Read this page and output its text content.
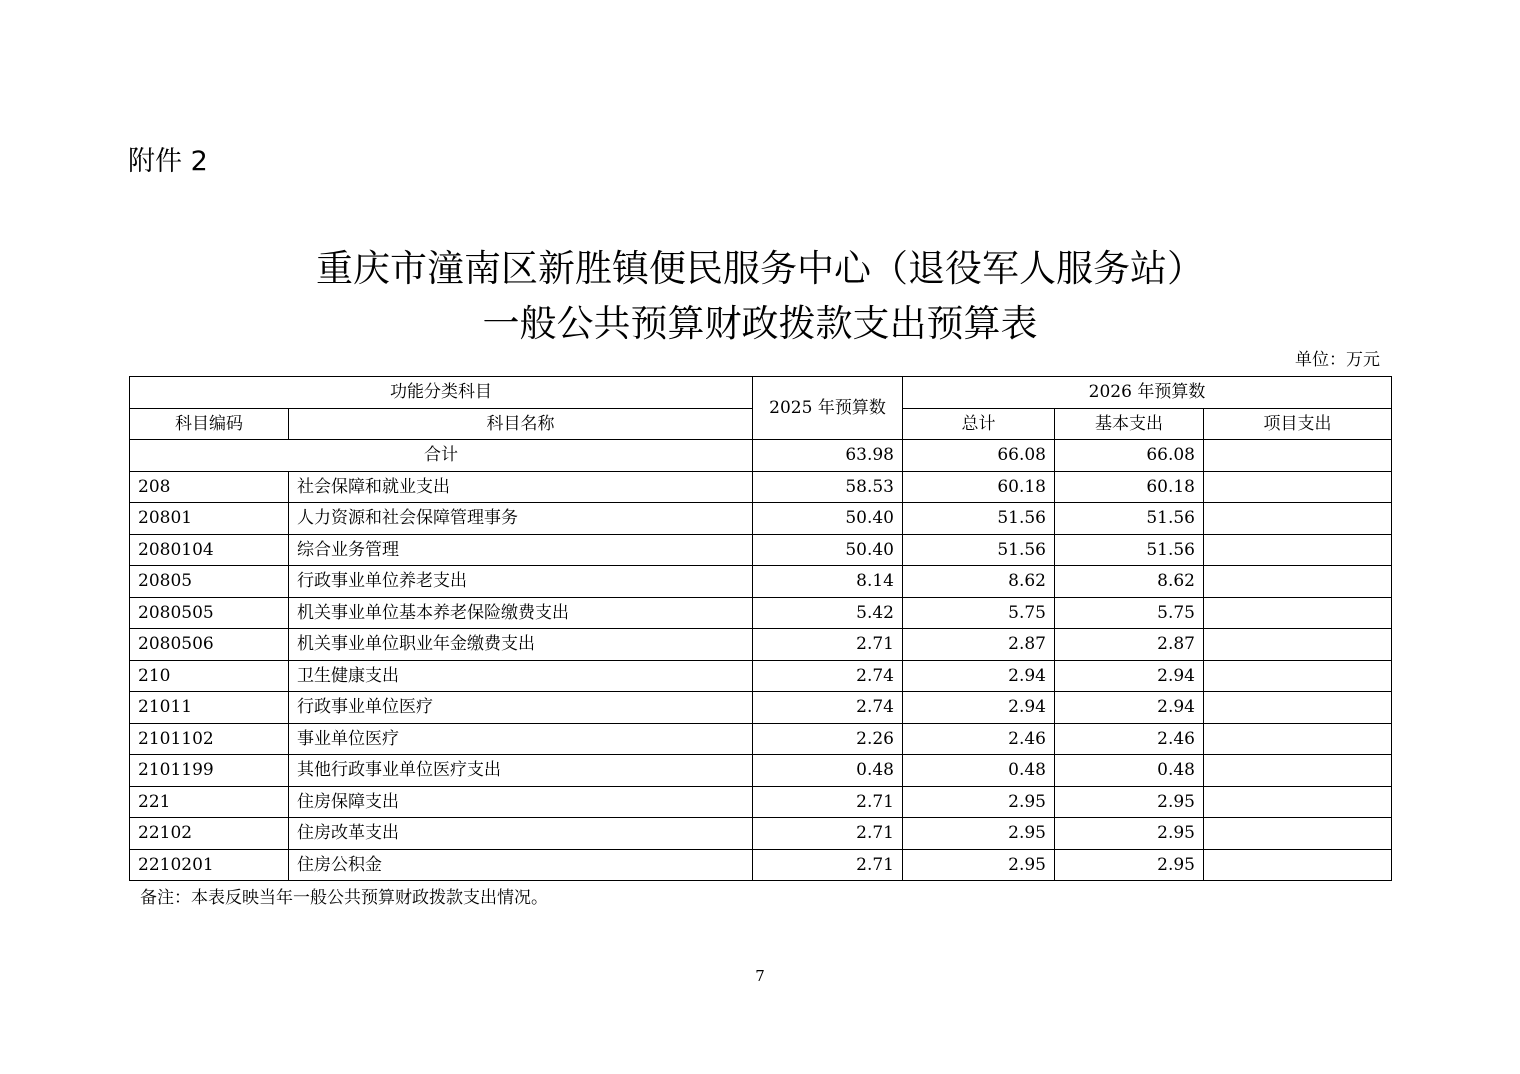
附件 2
重庆市潼南区新胜镇便民服务中心（退役军人服务站）
一般公共预算财政拨款支出预算表
单位：万元
功能分类科目		2025 年预算数	2026 年预算数		
科目编码	科目名称		总计	基本支出	项目支出
合计		63.98	66.08	66.08	
208	社会保障和就业支出	58.53	60.18	60.18	
20801	人力资源和社会保障管理事务	50.40	51.56	51.56	
2080104	综合业务管理	50.40	51.56	51.56	
20805	行政事业单位养老支出	8.14	8.62	8.62	
2080505	机关事业单位基本养老保险缴费支出	5.42	5.75	5.75	
2080506	机关事业单位职业年金缴费支出	2.71	2.87	2.87	
210	卫生健康支出	2.74	2.94	2.94	
21011	行政事业单位医疗	2.74	2.94	2.94	
2101102	事业单位医疗	2.26	2.46	2.46	
2101199	其他行政事业单位医疗支出	0.48	0.48	0.48	
221	住房保障支出	2.71	2.95	2.95	
22102	住房改革支出	2.71	2.95	2.95	
2210201	住房公积金	2.71	2.95	2.95	
备注：本表反映当年一般公共预算财政拨款支出情况。
7
